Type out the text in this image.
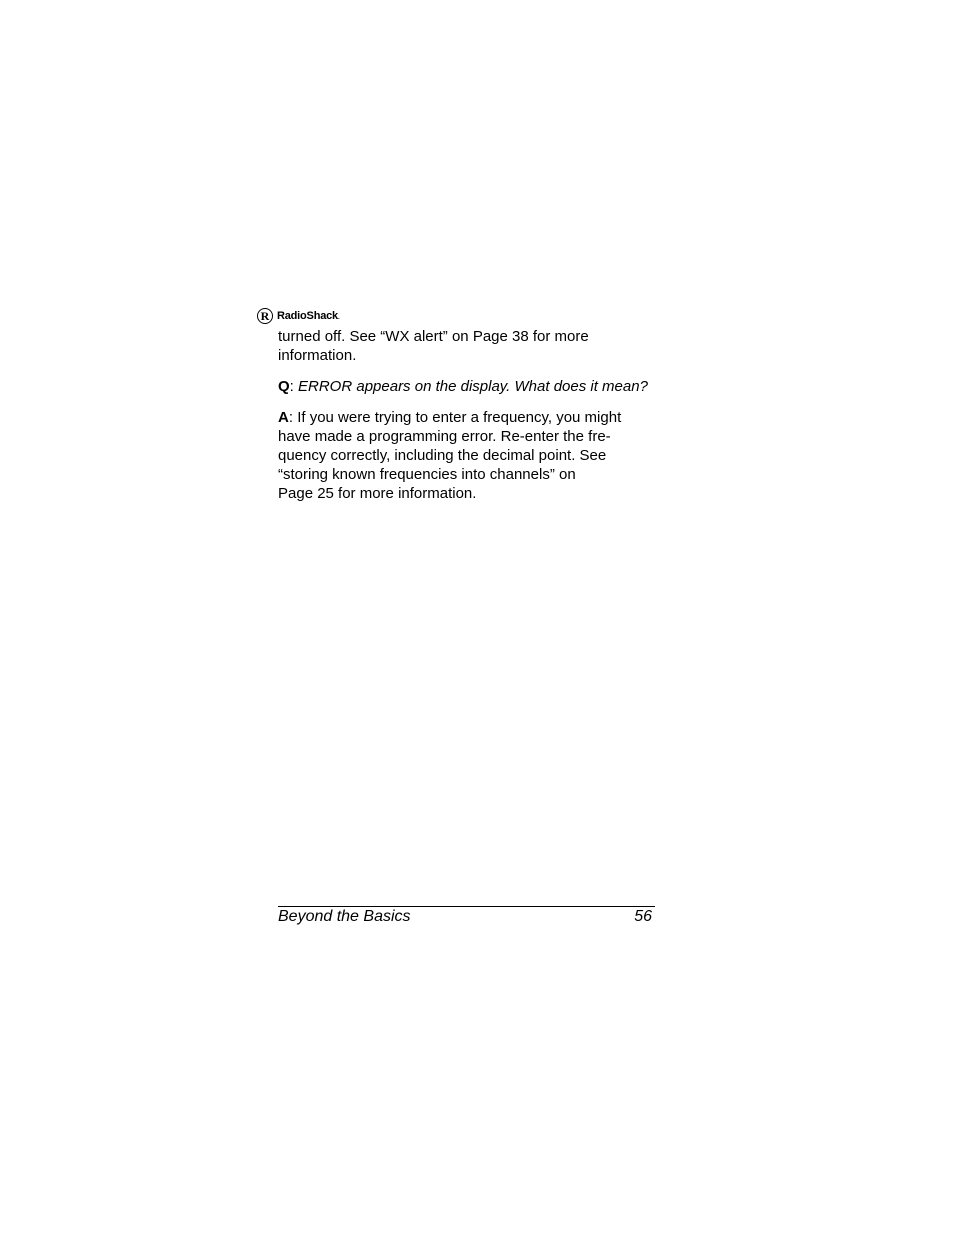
R RadioShack.

turned off. See “WX alert” on Page 38 for more information.

Q: ERROR appears on the display. What does it mean?

A: If you were trying to enter a frequency, you might
have made a programming error. Re-enter the fre-
quency correctly, including the decimal point. See
“storing known frequencies into channels” on
Page 25 for more information.

Beyond the Basics	56
